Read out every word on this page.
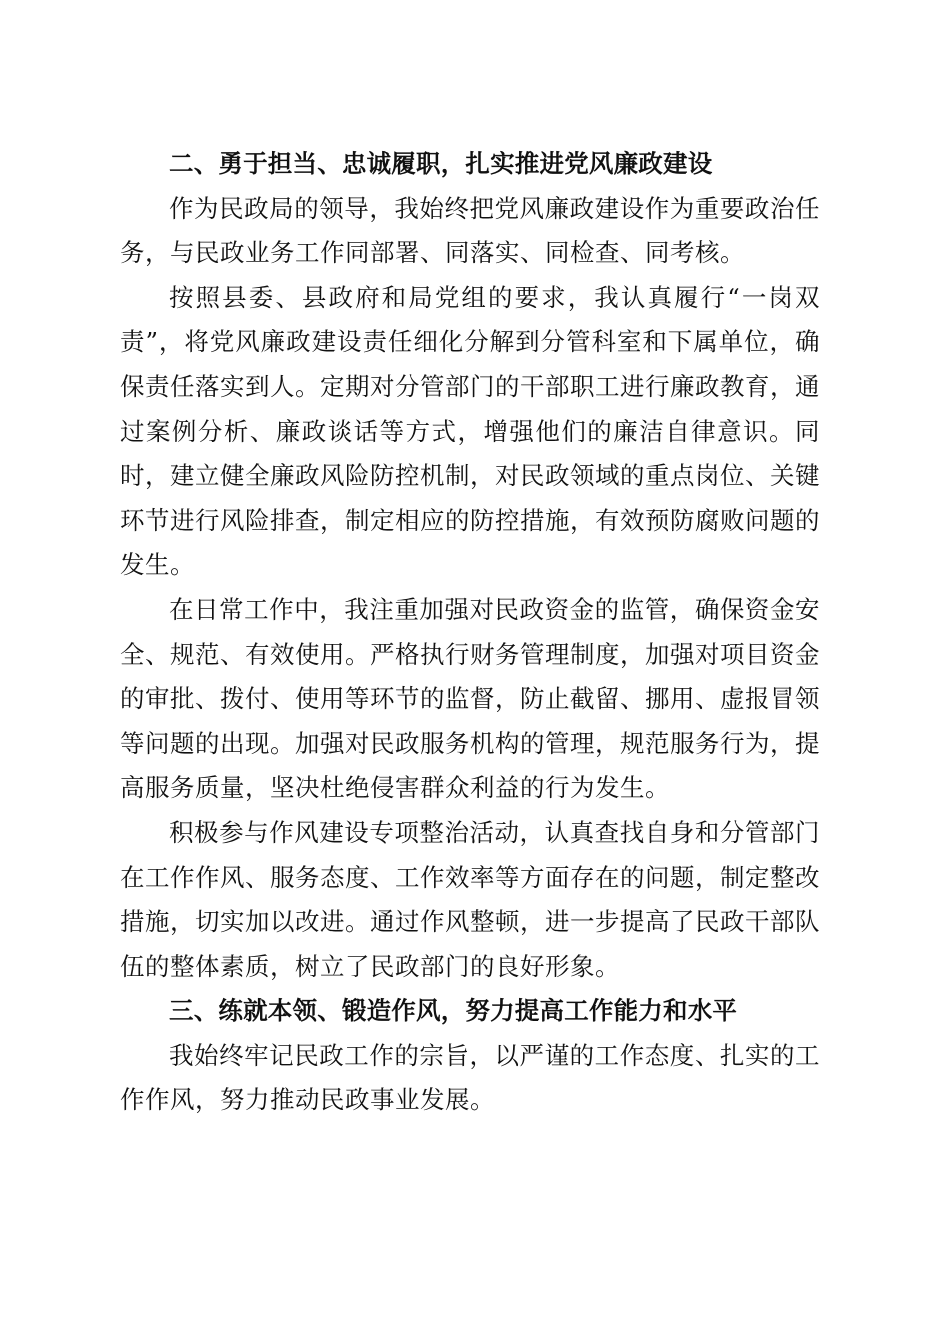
二、勇于担当、忠诚履职，扎实推进党风廉政建设

作为民政局的领导，我始终把党风廉政建设作为重要政治任务，与民政业务工作同部署、同落实、同检查、同考核。

按照县委、县政府和局党组的要求，我认真履行“一岗双责”，将党风廉政建设责任细化分解到分管科室和下属单位，确保责任落实到人。定期对分管部门的干部职工进行廉政教育，通过案例分析、廉政谈话等方式，增强他们的廉洁自律意识。同时，建立健全廉政风险防控机制，对民政领域的重点岗位、关键环节进行风险排查，制定相应的防控措施，有效预防腐败问题的发生。

在日常工作中，我注重加强对民政资金的监管，确保资金安全、规范、有效使用。严格执行财务管理制度，加强对项目资金的审批、拨付、使用等环节的监督，防止截留、挪用、虚报冒领等问题的出现。加强对民政服务机构的管理，规范服务行为，提高服务质量，坚决杜绝侵害群众利益的行为发生。

积极参与作风建设专项整治活动，认真查找自身和分管部门在工作作风、服务态度、工作效率等方面存在的问题，制定整改措施，切实加以改进。通过作风整顿，进一步提高了民政干部队伍的整体素质，树立了民政部门的良好形象。

三、练就本领、锻造作风，努力提高工作能力和水平

我始终牢记民政工作的宗旨，以严谨的工作态度、扎实的工作作风，努力推动民政事业发展。
